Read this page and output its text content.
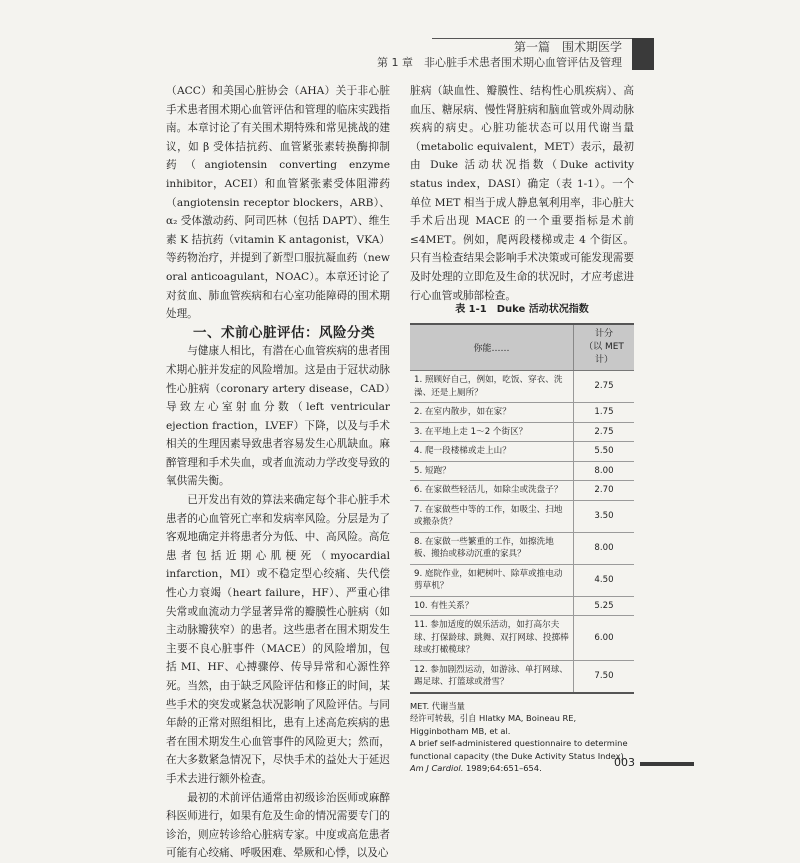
第一篇　围术期医学
第 1 章　非心脏手术患者围术期心血管评估及管理

（ACC）和美国心脏协会（AHA）关于非心脏手术患者围术期心血管评估和管理的临床实践指南。本章讨论了有关围术期特殊和常见挑战的建议，如 β 受体拮抗药、血管紧张素转换酶抑制药（angiotensin converting enzyme inhibitor，ACEI）和血管紧张素受体阻滞药（angiotensin receptor blockers，ARB）、α₂ 受体激动药、阿司匹林（包括 DAPT）、维生素 K 拮抗药（vitamin K antagonist，VKA）等药物治疗，并提到了新型口服抗凝血药（new oral anticoagulant，NOAC）。本章还讨论了对贫血、肺血管疾病和右心室功能障碍的围术期处理。

一、术前心脏评估：风险分类

与健康人相比，有潜在心血管疾病的患者围术期心脏并发症的风险增加。这是由于冠状动脉性心脏病（coronary artery disease，CAD）导致左心室射血分数（left ventricular ejection fraction，LVEF）下降，以及与手术相关的生理因素导致患者容易发生心肌缺血。麻醉管理和手术失血，或者血流动力学改变导致的氧供需失衡。

已开发出有效的算法来确定每个非心脏手术患者的心血管死亡率和发病率风险。分层是为了客观地确定并将患者分为低、中、高风险。高危患者包括近期心肌梗死（myocardial infarction，MI）或不稳定型心绞痛、失代偿性心力衰竭（heart failure，HF）、严重心律失常或血流动力学显著异常的瓣膜性心脏病（如主动脉瓣狭窄）的患者。这些患者在围术期发生主要不良心脏事件（MACE）的风险增加，包括 MI、HF、心搏骤停、传导异常和心源性猝死。当然，由于缺乏风险评估和修正的时间，某些手术的突发或紧急状况影响了风险评估。与同年龄的正常对照组相比，患有上述高危疾病的患者在围术期发生心血管事件的风险更大；然而，在大多数紧急情况下，尽快手术的益处大于延迟手术去进行额外检查。

最初的术前评估通常由初级诊治医师或麻醉科医师进行，如果有危及生命的情况需要专门的诊治，则应转诊给心脏病专家。中度或高危患者可能有心绞痛、呼吸困难、晕厥和心悸，以及心

脏病（缺血性、瓣膜性、结构性心肌疾病）、高血压、糖尿病、慢性肾脏病和脑血管或外周动脉疾病的病史。心脏功能状态可以用代谢当量（metabolic equivalent，MET）表示，最初由 Duke 活动状况指数（Duke activity status index，DASI）确定（表 1-1）。一个单位 MET 相当于成人静息氧利用率，非心脏大手术后出现 MACE 的一个重要指标是术前≤4MET。例如，爬两段楼梯或走 4 个街区。只有当检查结果会影响手术决策或可能发现需要及时处理的立即危及生命的状况时，才应考虑进行心血管或肺部检查。

表 1-1　Duke 活动状况指数
你能……	计分
（以 MET 计）
1. 照顾好自己，例如，吃饭、穿衣、洗澡、还是上厕所？	2.75
2. 在室内散步，如在家？	1.75
3. 在平地上走 1～2 个街区？	2.75
4. 爬一段楼梯或走上山？	5.50
5. 短跑？	8.00
6. 在家做些轻活儿，如除尘或洗盘子？	2.70
7. 在家做些中等的工作，如吸尘、扫地或搬杂货？	3.50
8. 在家做一些繁重的工作，如擦洗地板、搬抬或移动沉重的家具？	8.00
9. 庭院作业，如耙树叶、除草或推电动剪草机？	4.50
10. 有性关系？	5.25
11. 参加适度的娱乐活动，如打高尔夫球、打保龄球、跳舞、双打网球、投掷棒球或打橄榄球？	6.00
12. 参加剧烈运动，如游泳、单打网球、踢足球、打篮球或滑雪？	7.50
MET. 代谢当量
经许可转载，引自 Hlatky MA, Boineau RE, Higginbotham MB, et al.
A brief self-administered questionnaire to determine functional capacity (the Duke Activity Status Index). Am J Cardiol. 1989;64:651–654.	003
